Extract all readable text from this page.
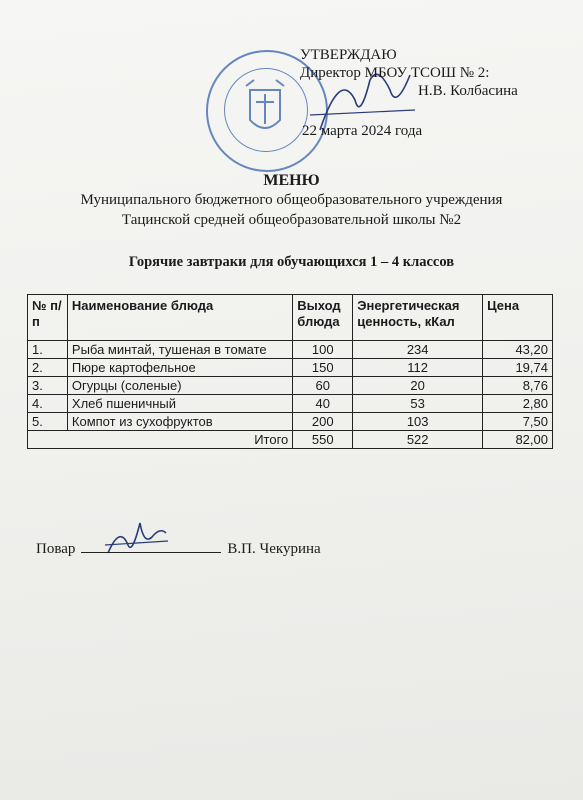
УТВЕРЖДАЮ
Директор МБОУ ТСОШ № 2:
Н.В. Колбасина
22 марта 2024 года
МЕНЮ
Муниципального бюджетного общеобразовательного учреждения
Тацинской средней общеобразовательной школы №2
Горячие завтраки для обучающихся 1 – 4 классов
№ п/п	Наименование блюда	Выход блюда	Энергетическая ценность, кКал	Цена
1.	Рыба минтай, тушеная в томате	100	234	43,20
2.	Пюре картофельное	150	112	19,74
3.	Огурцы (соленые)	60	20	8,76
4.	Хлеб пшеничный	40	53	2,80
5.	Компот из сухофруктов	200	103	7,50
Итого		550	522	82,00
Повар	В.П. Чекурина
